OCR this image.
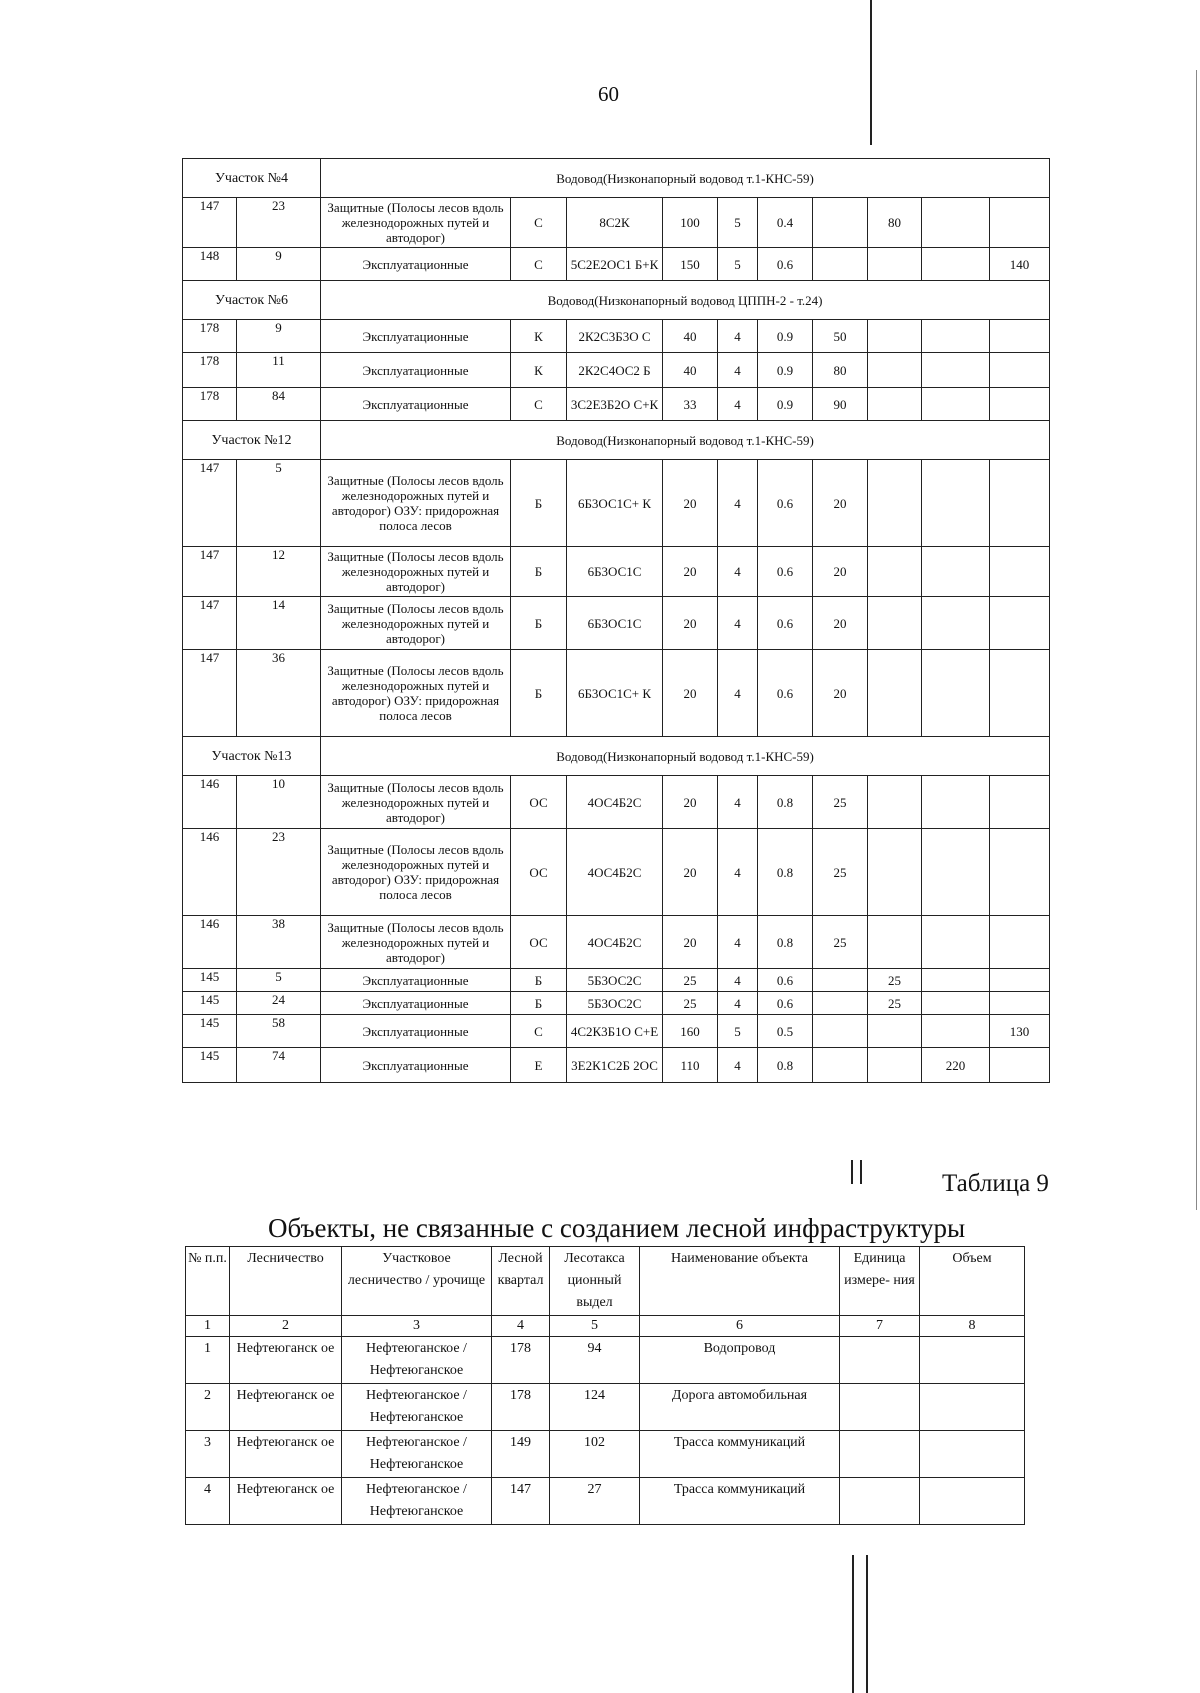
60
Участок №4		Водовод(Низконапорный водовод т.1-КНС-59)									
147	23	Защитные (Полосы лесов вдоль железнодорожных путей и автодорог)	С	8С2К	100	5	0.4		80		
148	9	Эксплуатационные	С	5С2Е2ОС1 Б+К	150	5	0.6				140
Участок №6		Водовод(Низконапорный водовод ЦППН-2 - т.24)									
178	9	Эксплуатационные	К	2К2С3Б3О С	40	4	0.9	50			
178	11	Эксплуатационные	К	2К2С4ОС2 Б	40	4	0.9	80			
178	84	Эксплуатационные	С	3С2Е3Б2О С+К	33	4	0.9	90			
Участок №12		Водовод(Низконапорный водовод т.1-КНС-59)									
147	5	Защитные (Полосы лесов вдоль железнодорожных путей и автодорог) ОЗУ: придорожная полоса лесов	Б	6Б3ОС1С+ К	20	4	0.6	20			
147	12	Защитные (Полосы лесов вдоль железнодорожных путей и автодорог)	Б	6Б3ОС1С	20	4	0.6	20			
147	14	Защитные (Полосы лесов вдоль железнодорожных путей и автодорог)	Б	6Б3ОС1С	20	4	0.6	20			
147	36	Защитные (Полосы лесов вдоль железнодорожных путей и автодорог) ОЗУ: придорожная полоса лесов	Б	6Б3ОС1С+ К	20	4	0.6	20			
Участок №13		Водовод(Низконапорный водовод т.1-КНС-59)									
146	10	Защитные (Полосы лесов вдоль железнодорожных путей и автодорог)	ОС	4ОС4Б2С	20	4	0.8	25			
146	23	Защитные (Полосы лесов вдоль железнодорожных путей и автодорог) ОЗУ: придорожная полоса лесов	ОС	4ОС4Б2С	20	4	0.8	25			
146	38	Защитные (Полосы лесов вдоль железнодорожных путей и автодорог)	ОС	4ОС4Б2С	20	4	0.8	25			
145	5	Эксплуатационные	Б	5Б3ОС2С	25	4	0.6		25		
145	24	Эксплуатационные	Б	5Б3ОС2С	25	4	0.6		25		
145	58	Эксплуатационные	С	4С2К3Б1О С+Е	160	5	0.5				130
145	74	Эксплуатационные	Е	3Е2К1С2Б 2ОС	110	4	0.8			220	
Таблица 9
Объекты, не связанные с созданием лесной инфраструктуры
№ п.п.	Лесничество	Участковое лесничество / урочище	Лесной квартал	Лесотакса ционный выдел	Наименование объекта	Единица измере- ния	Объем
1	2	3	4	5	6	7	8
1	Нефтеюганск ое	Нефтеюганское / Нефтеюганское	178	94	Водопровод		
2	Нефтеюганск ое	Нефтеюганское / Нефтеюганское	178	124	Дорога автомобильная		
3	Нефтеюганск ое	Нефтеюганское / Нефтеюганское	149	102	Трасса коммуникаций		
4	Нефтеюганск ое	Нефтеюганское / Нефтеюганское	147	27	Трасса коммуникаций		
